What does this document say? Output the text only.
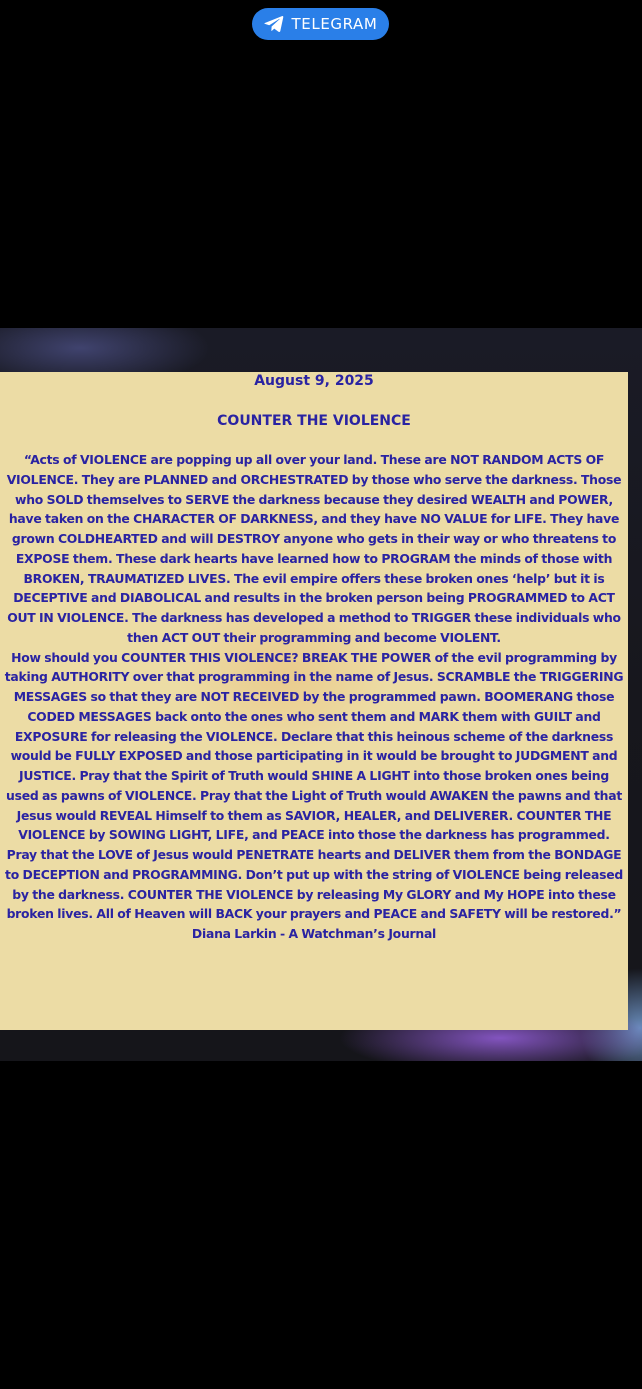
TELEGRAM
August 9, 2025
COUNTER THE VIOLENCE

“Acts of VIOLENCE are popping up all over your land. These are NOT RANDOM ACTS OF VIOLENCE. They are PLANNED and ORCHESTRATED by those who serve the darkness. Those who SOLD themselves to SERVE the darkness because they desired WEALTH and POWER, have taken on the CHARACTER OF DARKNESS, and they have NO VALUE for LIFE. They have grown COLDHEARTED and will DESTROY anyone who gets in their way or who threatens to EXPOSE them. These dark hearts have learned how to PROGRAM the minds of those with BROKEN, TRAUMATIZED LIVES. The evil empire offers these broken ones ‘help’ but it is DECEPTIVE and DIABOLICAL and results in the broken person being PROGRAMMED to ACT OUT IN VIOLENCE. The darkness has developed a method to TRIGGER these individuals who then ACT OUT their programming and become VIOLENT.

How should you COUNTER THIS VIOLENCE? BREAK THE POWER of the evil programming by taking AUTHORITY over that programming in the name of Jesus. SCRAMBLE the TRIGGERING MESSAGES so that they are NOT RECEIVED by the programmed pawn. BOOMERANG those CODED MESSAGES back onto the ones who sent them and MARK them with GUILT and EXPOSURE for releasing the VIOLENCE. Declare that this heinous scheme of the darkness would be FULLY EXPOSED and those participating in it would be brought to JUDGMENT and JUSTICE. Pray that the Spirit of Truth would SHINE A LIGHT into those broken ones being used as pawns of VIOLENCE. Pray that the Light of Truth would AWAKEN the pawns and that Jesus would REVEAL Himself to them as SAVIOR, HEALER, and DELIVERER. COUNTER THE VIOLENCE by SOWING LIGHT, LIFE, and PEACE into those the darkness has programmed. Pray that the LOVE of Jesus would PENETRATE hearts and DELIVER them from the BONDAGE to DECEPTION and PROGRAMMING. Don’t put up with the string of VIOLENCE being released by the darkness. COUNTER THE VIOLENCE by releasing My GLORY and My HOPE into these broken lives. All of Heaven will BACK your prayers and PEACE and SAFETY will be restored.”

Diana Larkin - A Watchman’s Journal
